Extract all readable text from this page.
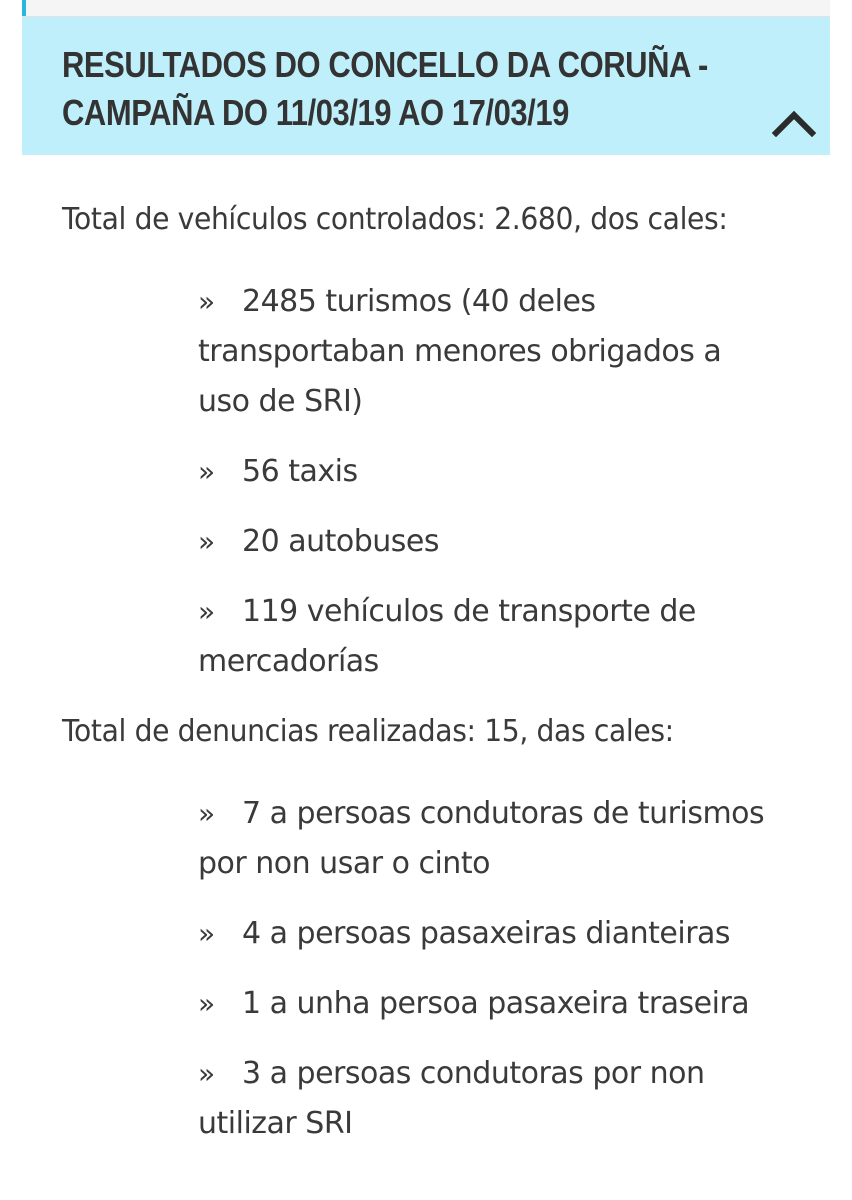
RESULTADOS DO CONCELLO DA CORUÑA -
CAMPAÑA DO 11/03/19 AO 17/03/19

Total de vehículos controlados: 2.680, dos cales:

» 2485 turismos (40 deles transportaban menores obrigados a uso de SRI)
» 56 taxis
» 20 autobuses
» 119 vehículos de transporte de mercadorías

Total de denuncias realizadas: 15, das cales:

» 7 a persoas condutoras de turismos por non usar o cinto
» 4 a persoas pasaxeiras dianteiras
» 1 a unha persoa pasaxeira traseira
» 3 a persoas condutoras por non utilizar SRI
